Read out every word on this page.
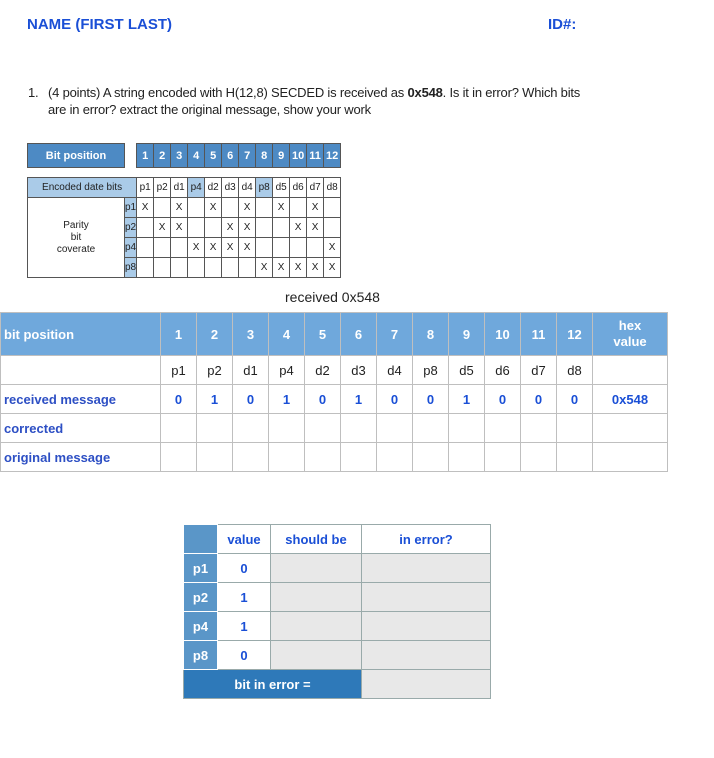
NAME (FIRST LAST)	ID#:
1. (4 points) A string encoded with H(12,8) SECDED is received as 0x548. Is it in error? Which bits
are in error? extract the original message, show your work
Bit position		1	2	3	4	5	6	7	8	9	10	11	12

Encoded date bits		p1	p2	d1	p4	d2	d3	d4	p8	d5	d6	d7	d8
Parity
bit
coverate	p1	X		X		X		X		X		X	
	p2		X	X			X	X			X	X	
	p4				X	X	X	X					X
	p8								X	X	X	X	X
received 0x548
bit position	1	2	3	4	5	6	7	8	9	10	11	12	hex
value
	p1	p2	d1	p4	d2	d3	d4	p8	d5	d6	d7	d8	
received message	0	1	0	1	0	1	0	0	1	0	0	0	0x548
corrected													
original message													
	value	should be	in error?
p1	0		
p2	1		
p4	1		
p8	0		
bit in error =			
